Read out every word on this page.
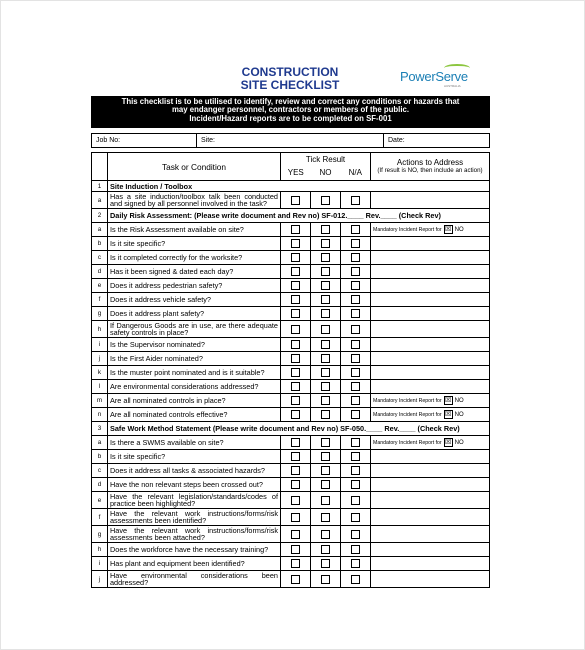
CONSTRUCTION
SITE CHECKLIST
PowerServe
AUSTRALIA
This checklist is to be utilised to identify, review and correct any conditions or hazards that
may endanger personnel, contractors or members of the public.
Incident/Hazard reports are to be completed on SF-001
Job No:	Site:	Date:
	Task or Condition	Tick Result			Actions to Address
(If result is NO, then include an action)

		YES	NO	N/A	
1	Site Induction / Toolbox				
a	Has a site induction/toolbox talk been conducted and signed by all personnel involved in the task?				
2	Daily Risk Assessment: (Please write document and Rev no) SF-012.____ Rev.____ (Check Rev)				
a	Is the Risk Assessment available on site?				Mandatory Incident Report for ☒ NO
b	Is it site specific?				
c	Is it completed correctly for the worksite?				
d	Has it been signed & dated each day?				
e	Does it address pedestrian safety?				
f	Does it address vehicle safety?				
g	Does it address plant safety?				
h	If Dangerous Goods are in use, are there adequate safety controls in place?				
i	Is the Supervisor nominated?				
j	Is the First Aider nominated?				
k	Is the muster point nominated and is it suitable?				
l	Are environmental considerations addressed?				
m	Are all nominated controls in place?				Mandatory Incident Report for ☒ NO
n	Are all nominated controls effective?				Mandatory Incident Report for ☒ NO
3	Safe Work Method Statement (Please write document and Rev no) SF-050.____ Rev.____ (Check Rev)				
a	Is there a SWMS available on site?				Mandatory Incident Report for ☒ NO
b	Is it site specific?				
c	Does it address all tasks & associated hazards?				
d	Have the non relevant steps been crossed out?				
e	Have the relevant legislation/standards/codes of practice been highlighted?				
f	Have the relevant work instructions/forms/risk assessments been identified?				
g	Have the relevant work instructions/forms/risk assessments been attached?				
h	Does the workforce have the necessary training?				
i	Has plant and equipment been identified?				
j	Have environmental considerations been addressed?				
